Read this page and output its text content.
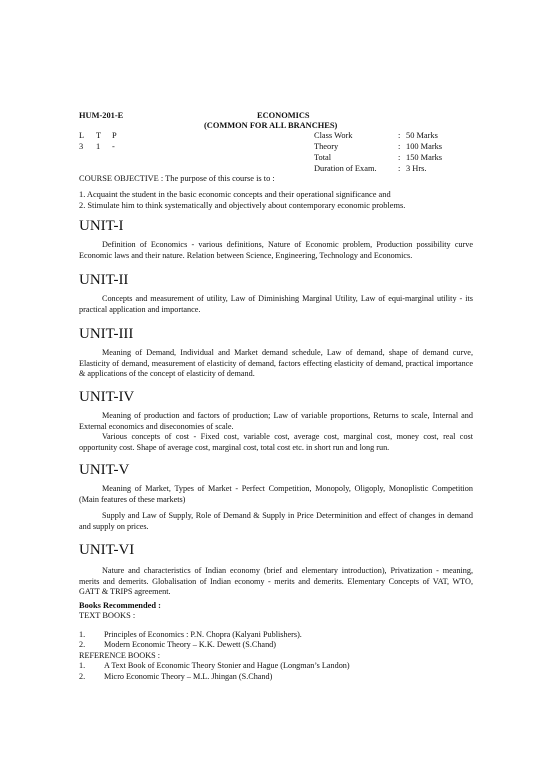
HUM-201-E	ECONOMICS
(COMMON FOR ALL BRANCHES)
L T P
3 1 -
Class Work	: 50 Marks
Theory	: 100 Marks
Total	: 150 Marks
Duration of Exam.	: 3 Hrs.
COURSE OBJECTIVE : The purpose of this course is to :
1. Acquaint the student in the basic economic concepts and their operational significance and
2. Stimulate him to think systematically and objectively about contemporary economic problems.
UNIT-I
Definition of Economics - various definitions, Nature of Economic problem, Production possibility curve Economic laws and their nature. Relation between Science, Engineering, Technology and Economics.
UNIT-II
Concepts and measurement of utility, Law of Diminishing Marginal Utility, Law of equi-marginal utility - its practical application and importance.
UNIT-III
Meaning of Demand, Individual and Market demand schedule, Law of demand, shape of demand curve, Elasticity of demand, measurement of elasticity of demand, factors effecting elasticity of demand, practical importance & applications of the concept of elasticity of demand.
UNIT-IV
Meaning of production and factors of production; Law of variable proportions, Returns to scale, Internal and External economics and diseconomies of scale.
Various concepts of cost - Fixed cost, variable cost, average cost, marginal cost, money cost, real cost opportunity cost. Shape of average cost, marginal cost, total cost etc. in short run and long run.
UNIT-V
Meaning of Market, Types of Market - Perfect Competition, Monopoly, Oligoply, Monoplistic Competition (Main features of these markets)
Supply and Law of Supply, Role of Demand & Supply in Price Determinition and effect of changes in demand and supply on prices.
UNIT-VI
Nature and characteristics of Indian economy (brief and elementary introduction), Privatization - meaning, merits and demerits. Globalisation of Indian economy - merits and demerits. Elementary Concepts of VAT, WTO, GATT & TRIPS agreement.
Books Recommended :
TEXT BOOKS :
1.	Principles of Economics : P.N. Chopra (Kalyani Publishers).
2.	Modern Economic Theory – K.K. Dewett (S.Chand)
REFERENCE BOOKS :
1.	A Text Book of Economic Theory Stonier and Hague (Longman’s Landon)
2.	Micro Economic Theory – M.L. Jhingan (S.Chand)
